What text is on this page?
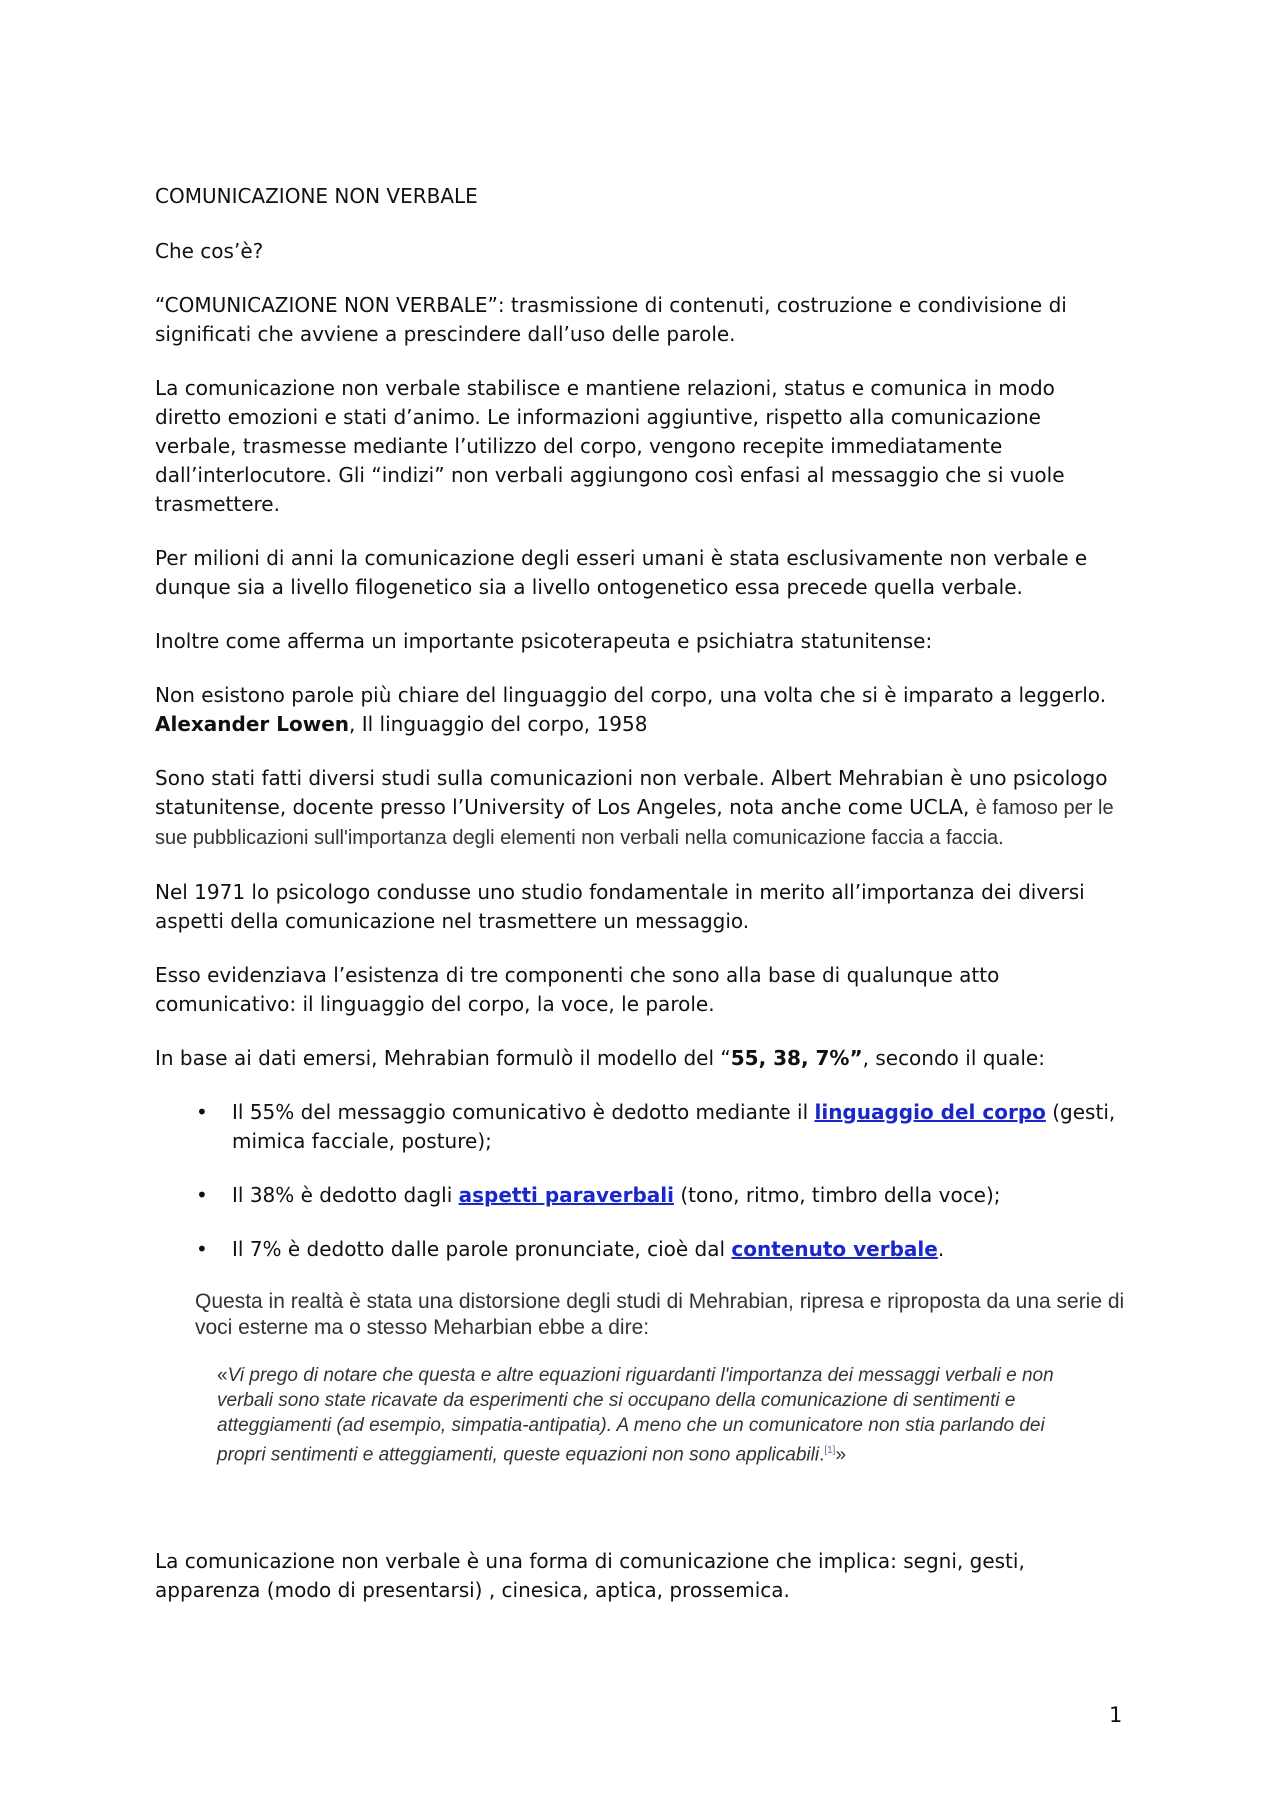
COMUNICAZIONE NON VERBALE

Che cos’è?

“COMUNICAZIONE NON VERBALE”: trasmissione di contenuti, costruzione e condivisione di significati che avviene a prescindere dall’uso delle parole.

La comunicazione non verbale stabilisce e mantiene relazioni, status e comunica in modo diretto emozioni e stati d’animo. Le informazioni aggiuntive, rispetto alla comunicazione verbale, trasmesse mediante l’utilizzo del corpo, vengono recepite immediatamente dall’interlocutore. Gli “indizi” non verbali aggiungono così enfasi al messaggio che si vuole trasmettere.

Per milioni di anni la comunicazione degli esseri umani è stata esclusivamente non verbale e dunque sia a livello filogenetico sia a livello ontogenetico essa precede quella verbale.

Inoltre come afferma un importante psicoterapeuta e psichiatra statunitense:

Non esistono parole più chiare del linguaggio del corpo, una volta che si è imparato a leggerlo.
Alexander Lowen, Il linguaggio del corpo, 1958

Sono stati fatti diversi studi sulla comunicazioni non verbale. Albert Mehrabian è uno psicologo statunitense, docente presso l’University of Los Angeles, nota anche come UCLA, è famoso per le sue pubblicazioni sull'importanza degli elementi non verbali nella comunicazione faccia a faccia.

Nel 1971 lo psicologo condusse uno studio fondamentale in merito all’importanza dei diversi aspetti della comunicazione nel trasmettere un messaggio.

Esso evidenziava l’esistenza di tre componenti che sono alla base di qualunque atto comunicativo: il linguaggio del corpo, la voce, le parole.

In base ai dati emersi, Mehrabian formulò il modello del “55, 38, 7%”, secondo il quale:

• Il 55% del messaggio comunicativo è dedotto mediante il linguaggio del corpo (gesti, mimica facciale, posture);
• Il 38% è dedotto dagli aspetti paraverbali (tono, ritmo, timbro della voce);
• Il 7% è dedotto dalle parole pronunciate, cioè dal contenuto verbale.
Questa in realtà è stata una distorsione degli studi di Mehrabian, ripresa e riproposta da una serie di voci esterne ma o stesso Meharbian ebbe a dire:
«Vi prego di notare che questa e altre equazioni riguardanti l'importanza dei messaggi verbali e non verbali sono state ricavate da esperimenti che si occupano della comunicazione di sentimenti e atteggiamenti (ad esempio, simpatia-antipatia). A meno che un comunicatore non stia parlando dei propri sentimenti e atteggiamenti, queste equazioni non sono applicabili.[1]»

La comunicazione non verbale è una forma di comunicazione che implica: segni, gesti, apparenza (modo di presentarsi) , cinesica, aptica, prossemica.

1
